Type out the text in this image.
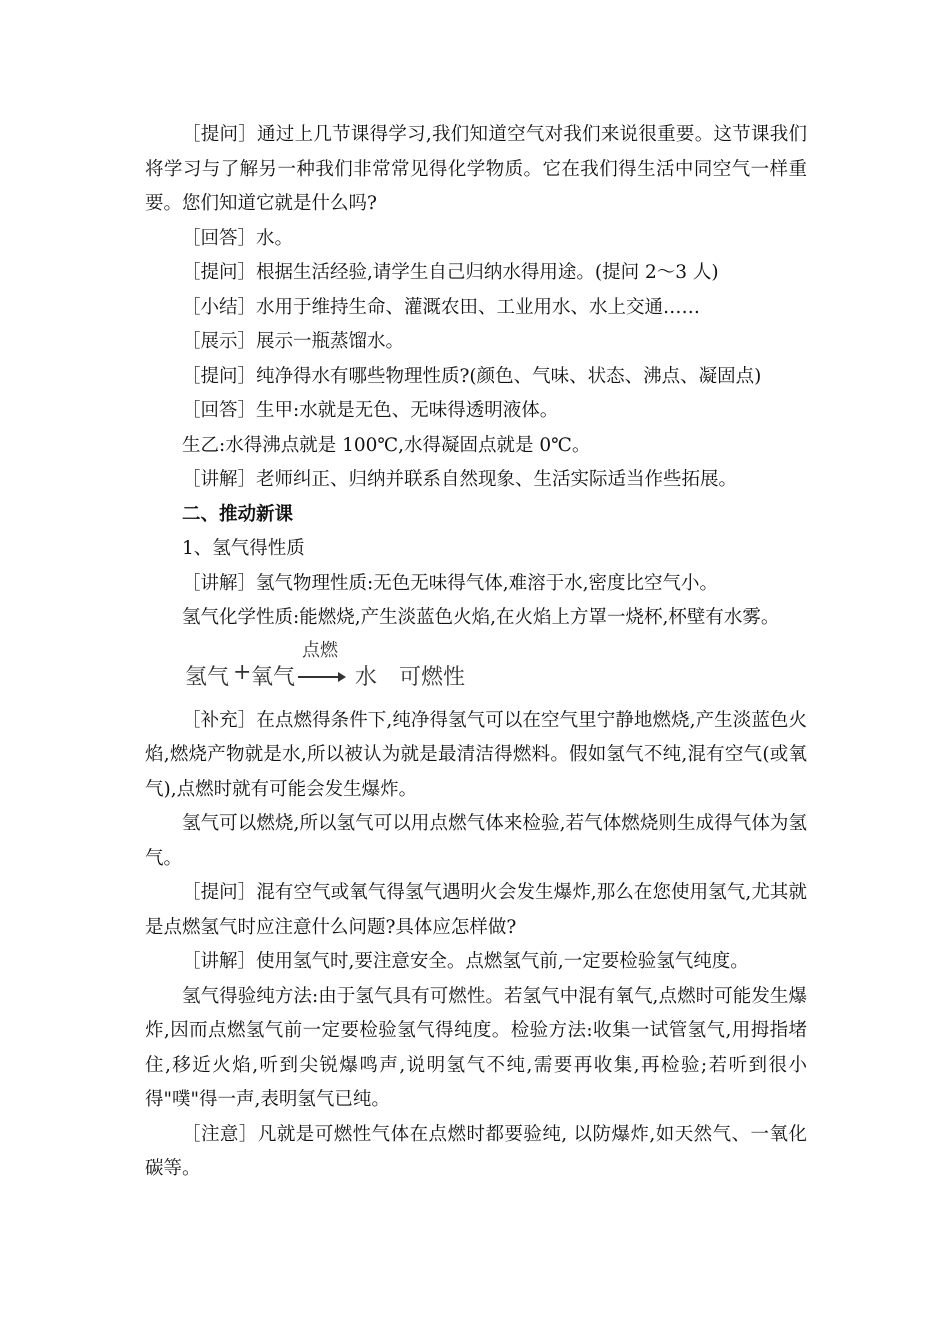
［提问］通过上几节课得学习,我们知道空气对我们来说很重要。这节课我们将学习与了解另一种我们非常常见得化学物质。它在我们得生活中同空气一样重要。您们知道它就是什么吗?

［回答］水。

［提问］根据生活经验,请学生自己归纳水得用途。(提问 2～3 人)

［小结］水用于维持生命、灌溉农田、工业用水、水上交通……

［展示］展示一瓶蒸馏水。

［提问］纯净得水有哪些物理性质?(颜色、气味、状态、沸点、凝固点)

［回答］生甲:水就是无色、无味得透明液体。

生乙:水得沸点就是 100℃,水得凝固点就是 0℃。

［讲解］老师纠正、归纳并联系自然现象、生活实际适当作些拓展。

二、推动新课

1、氢气得性质

［讲解］氢气物理性质:无色无味得气体,难溶于水,密度比空气小。

氢气化学性质:能燃烧,产生淡蓝色火焰,在火焰上方罩一烧杯,杯壁有水雾。

氢气 + 氧气
点燃
水 可燃性

［补充］在点燃得条件下,纯净得氢气可以在空气里宁静地燃烧,产生淡蓝色火焰,燃烧产物就是水,所以被认为就是最清洁得燃料。假如氢气不纯,混有空气(或氧气),点燃时就有可能会发生爆炸。

氢气可以燃烧,所以氢气可以用点燃气体来检验,若气体燃烧则生成得气体为氢气。

［提问］混有空气或氧气得氢气遇明火会发生爆炸,那么在您使用氢气,尤其就是点燃氢气时应注意什么问题?具体应怎样做?

［讲解］使用氢气时,要注意安全。点燃氢气前,一定要检验氢气纯度。

氢气得验纯方法:由于氢气具有可燃性。若氢气中混有氧气,点燃时可能发生爆炸,因而点燃氢气前一定要检验氢气得纯度。检验方法:收集一试管氢气,用拇指堵住,移近火焰,听到尖锐爆鸣声,说明氢气不纯,需要再收集,再检验;若听到很小得"噗"得一声,表明氢气已纯。

［注意］凡就是可燃性气体在点燃时都要验纯, 以防爆炸,如天然气、一氧化碳等。
